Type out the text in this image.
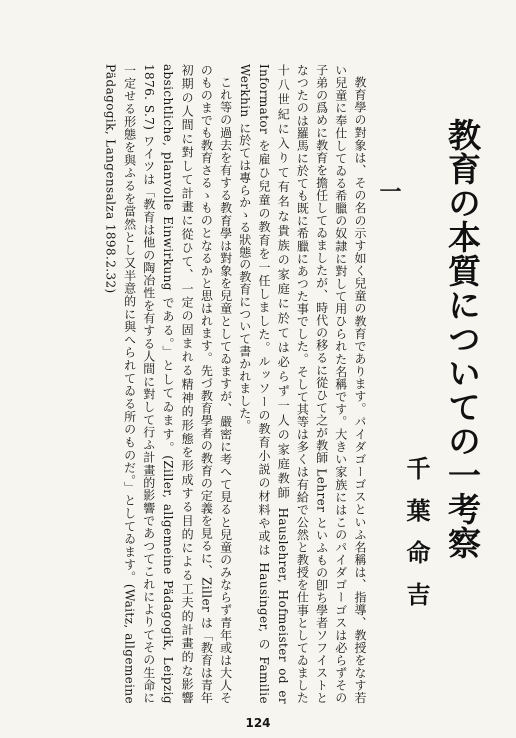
教育の本質についての一考察
千葉命吉
一

教育學の對象は、その名の示す如く兒童の教育であります。パイダゴーゴスといふ名稱は、指導、教授をなす若い兒童に奉仕してゐる希臘の奴隷に對して用ひられた名稱です。大きい家族にはこのパイダゴーゴスは必らずその子弟の爲めに教育を擔任してゐましたが、時代の移るに從ひて之が教師 Lehrer といふもの卽ち學者ソフイストとなつたのは羅馬に於ても既に希臘にあつた事でした。そして其等は多くは有給で公然と教授を仕事としてゐました 十八世紀に入りて有名な貴族の家庭に於ては必らず一人の家庭教師 Hauslehrer, Hofmeister od er Informator を雇ひ兒童の教育を一任しました。ルッソーの教育小説の材料や或は Hausinger, の Familie Werkhin に於ては專らかゝる狀態の教育について書かれました。

これ等の過去を有する教育學は對象を兒童としてゐますが、嚴密に考へて見ると兒童のみならず青年或は大人そのものまでも教育さるゝものとなるかと思はれます。先づ教育學者の教育の定義を見るに、Ziller は「教育は青年初期の人間に對して計畫に從ひて、一定の固まれる精神的形態を形成する目的による工夫的計畫的な影響 absichtliche, planvolle Einwirkung である。」としてゐます。(Ziller, allgemeine Pädagogik, Leipzig 1876. S.7) ワイツは「教育は他の陶冶性を有する人間に對して行ふ計畫的影響であつてこれによりてその生命に一定せる形態を與ふるを當然とし又半意的に與へられてゐる所のものだ。」としてゐます。(Waitz, allgemeine Pädagogik, Langensalza 1898.2.32)

124
